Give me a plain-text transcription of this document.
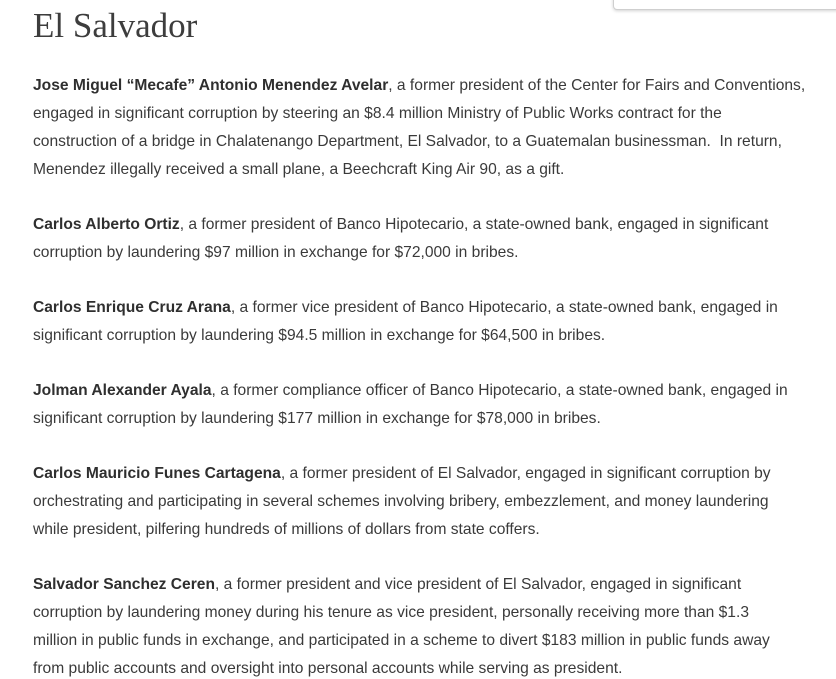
El Salvador

Jose Miguel “Mecafe” Antonio Menendez Avelar, a former president of the Center for Fairs and Conventions,
engaged in significant corruption by steering an $8.4 million Ministry of Public Works contract for the
construction of a bridge in Chalatenango Department, El Salvador, to a Guatemalan businessman.  In return,
Menendez illegally received a small plane, a Beechcraft King Air 90, as a gift.

Carlos Alberto Ortiz, a former president of Banco Hipotecario, a state-owned bank, engaged in significant
corruption by laundering $97 million in exchange for $72,000 in bribes.

Carlos Enrique Cruz Arana, a former vice president of Banco Hipotecario, a state-owned bank, engaged in
significant corruption by laundering $94.5 million in exchange for $64,500 in bribes.

Jolman Alexander Ayala, a former compliance officer of Banco Hipotecario, a state-owned bank, engaged in
significant corruption by laundering $177 million in exchange for $78,000 in bribes.

Carlos Mauricio Funes Cartagena, a former president of El Salvador, engaged in significant corruption by
orchestrating and participating in several schemes involving bribery, embezzlement, and money laundering
while president, pilfering hundreds of millions of dollars from state coffers.

Salvador Sanchez Ceren, a former president and vice president of El Salvador, engaged in significant
corruption by laundering money during his tenure as vice president, personally receiving more than $1.3
million in public funds in exchange, and participated in a scheme to divert $183 million in public funds away
from public accounts and oversight into personal accounts while serving as president.
